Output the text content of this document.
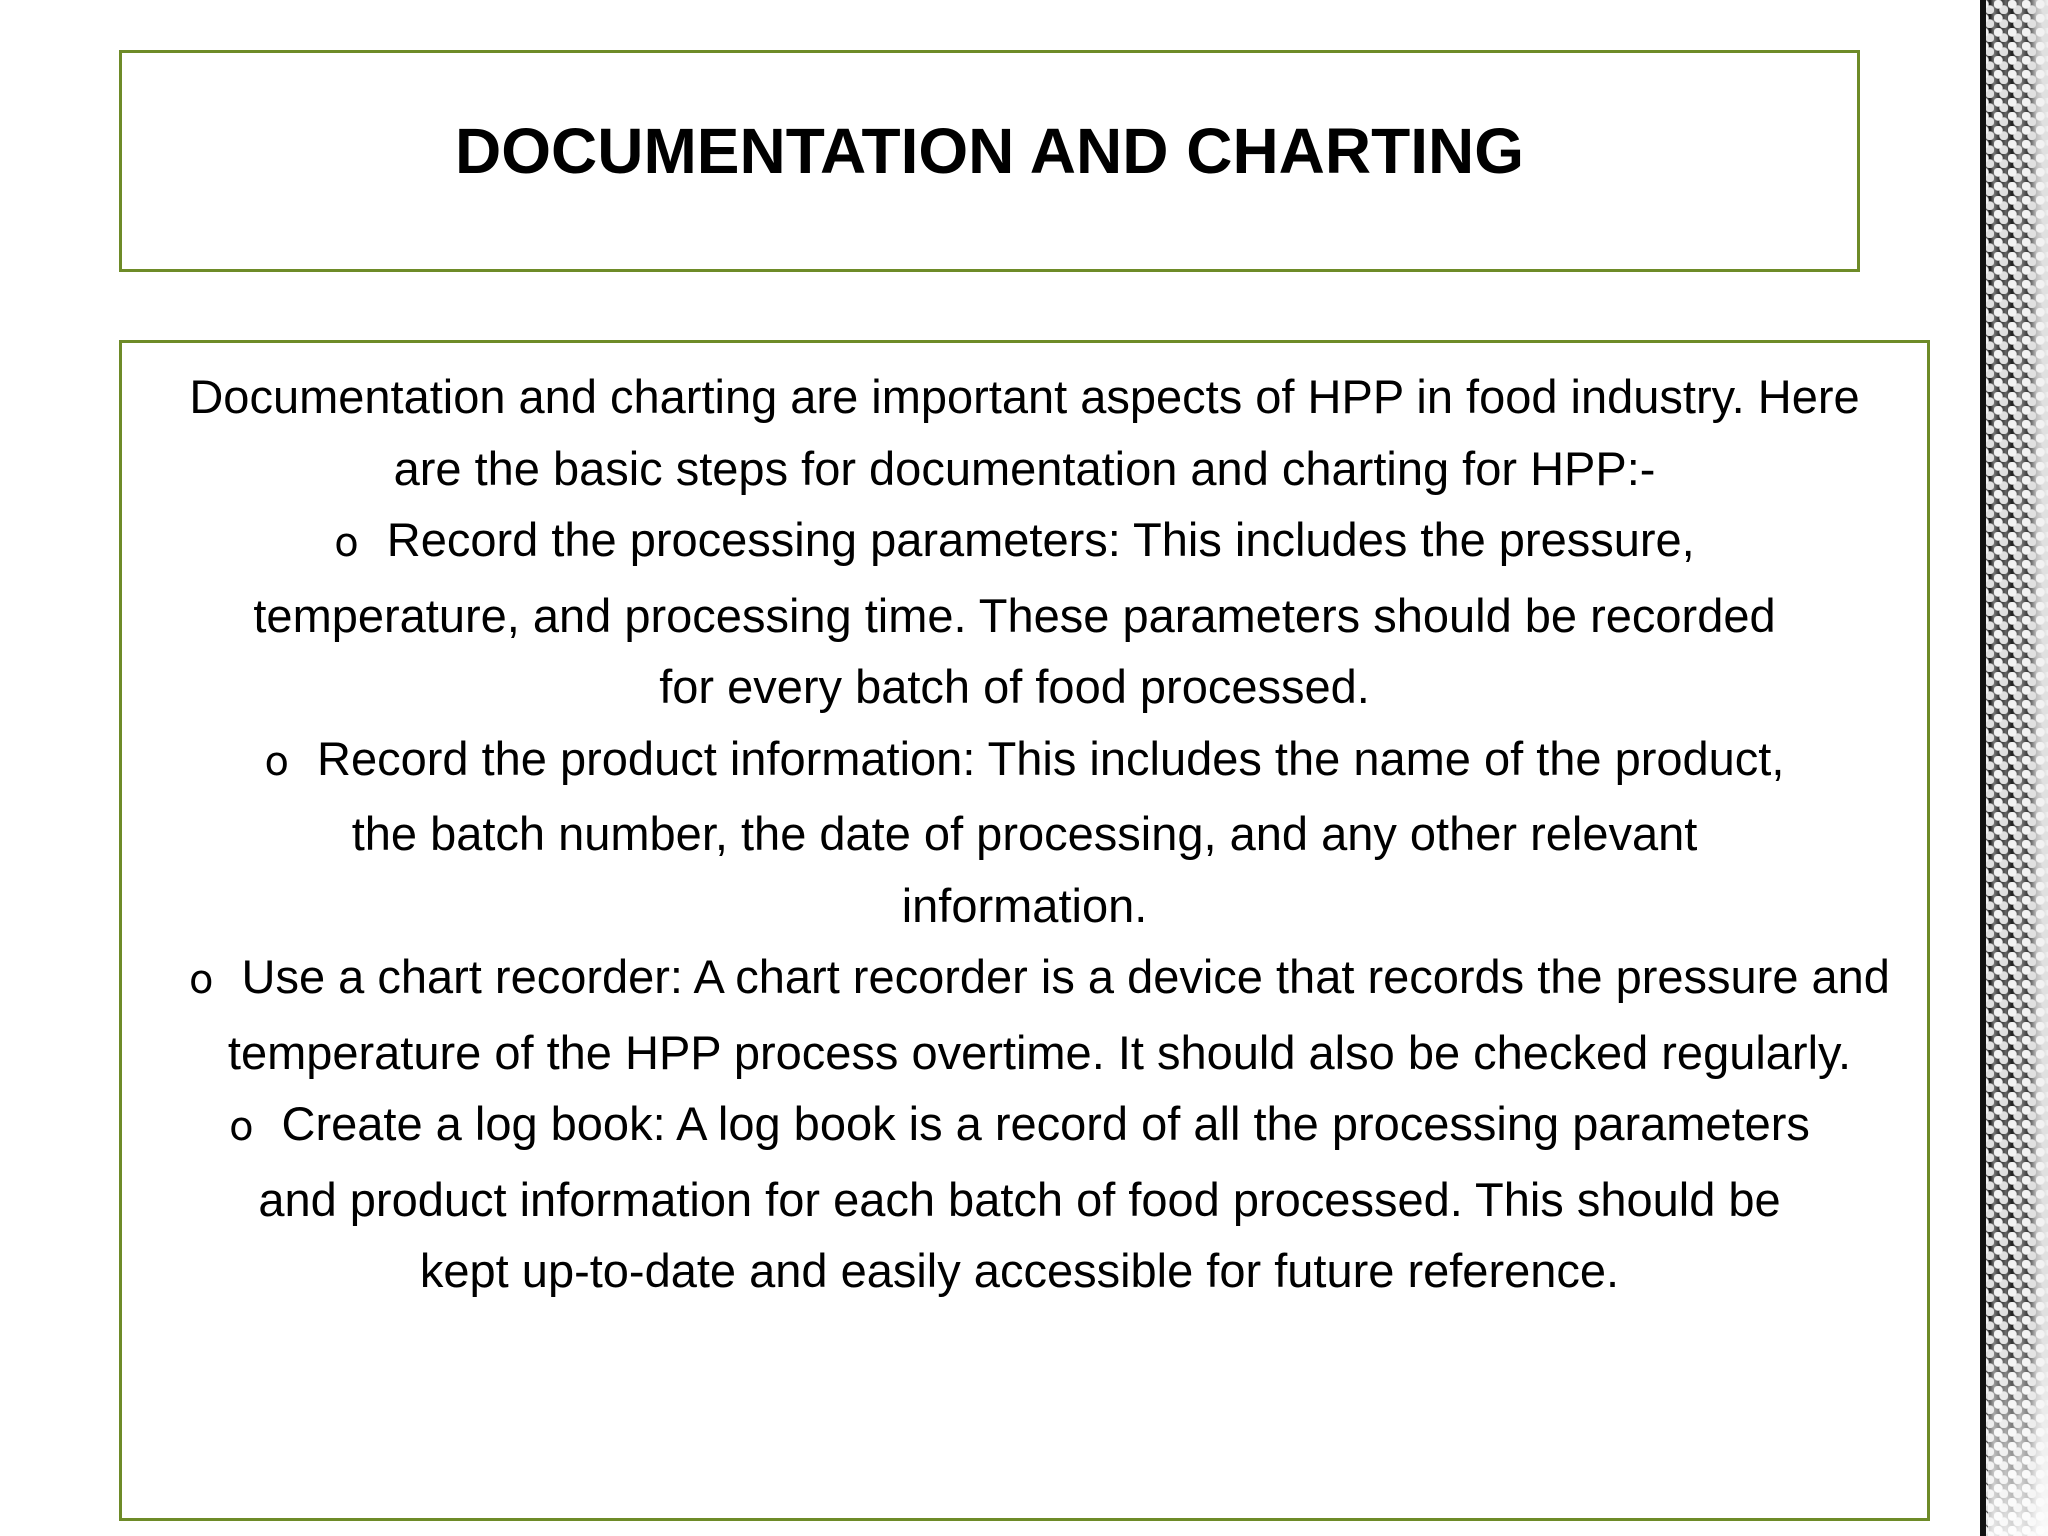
DOCUMENTATION AND CHARTING

Documentation and charting are important aspects of HPP in food industry. Here are the basic steps for documentation and charting for HPP:-

o Record the processing parameters: This includes the pressure, temperature, and processing time. These parameters should be recorded for every batch of food processed.
o Record the product information: This includes the name of the product, the batch number, the date of processing, and any other relevant information.
o Use a chart recorder: A chart recorder is a device that records the pressure and temperature of the HPP process overtime. It should also be checked regularly.
o Create a log book: A log book is a record of all the processing parameters and product information for each batch of food processed. This should be kept up-to-date and easily accessible for future reference.
